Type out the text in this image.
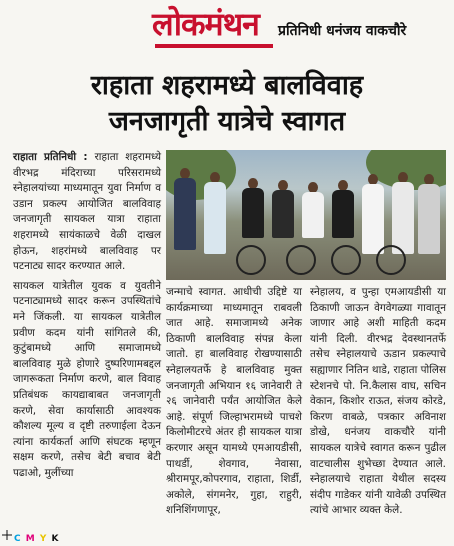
लोकमंथन प्रतिनिधी धनंजय वाकचौरे
राहाता शहरामध्ये बालविवाह
जनजागृती यात्रेचे स्वागत

राहाता प्रतिनिधी : राहाता शहरामध्ये वीरभद्र मंदिराच्या परिसरामध्ये स्नेहालयांच्या माध्यमातून युवा निर्माण व उडान प्रकल्प आयोजित बालविवाह जनजागृती सायकल यात्रा राहाता शहरामध्ये सायंकाळचे वेळी दाखल होऊन, शहरांमध्ये बालविवाह पर पटनाट्य सादर करण्यात आले.

सायकल यात्रेतील युवक व युवतीने पटनाट्यामध्ये सादर करून उपस्थितांचे मने जिंकली. या सायकल यात्रेतील प्रवीण कदम यांनी सांगितले की, कुटुंबामध्ये आणि समाजामध्ये बालविवाह मुळे होणारे दुष्परिणामबद्दल जागरूकता निर्माण करणे, बाल विवाह प्रतिबंधक कायद्याबाबत जनजागृती करणे, सेवा कार्यासाठी आवश्यक कौशल्य मूल्य व दृष्टी तरुणाईला देऊन त्यांना कार्यकर्ता आणि संघटक म्हणून सक्षम करणे, तसेच बेटी बचाव बेटी पढाओ, मुलींच्या

जन्माचे स्वागत. आधीची उद्दिष्टे या कार्यक्रमाच्या माध्यमातून राबवली जात आहे. समाजामध्ये अनेक ठिकाणी बालविवाह संपन्न केला जातो. हा बालविवाह रोखण्यासाठी स्नेहालयतर्फे हे बालविवाह मुक्त जनजागृती अभियान १६ जानेवारी ते २६ जानेवारी पर्यंत आयोजित केले आहे. संपूर्ण जिल्हाभरामध्ये पाचशे किलोमीटरचे अंतर ही सायकल यात्रा करणार असून यामध्ये एमआयडीसी, पाथर्डी, शेवगाव, नेवासा, श्रीरामपूर,कोपरगाव, राहाता, शिर्डी, अकोले, संगमनेर, गुहा, राहुरी, शनिशिंगणापूर,

स्नेहालय, व पुन्हा एमआयडीसी या ठिकाणी जाऊन वेगवेगळ्या गावातून जाणार आहे अशी माहिती कदम यांनी दिली. वीरभद्र देवस्थानतर्फे तसेच स्नेहालयाचे ऊडान प्रकल्पाचे सह्याणार नितिन थाडे, राहाता पोलिस स्टेशनचे पो. नि.कैलास वाघ, सचिन वेकान, किशोर राऊत, संजय कोरडे, किरण वाबळे, पत्रकार अविनाश डोखे, धनंजय वाकचौरे यांनी सायकल यात्रेचे स्वागत करून पुढील वाटचालीस शुभेच्छा देण्यात आले. स्नेहालयाचे राहाता येथील सदस्य संदीप गाडेकर यांनी यावेळी उपस्थित त्यांचे आभार व्यक्त केले.

C M Y K
